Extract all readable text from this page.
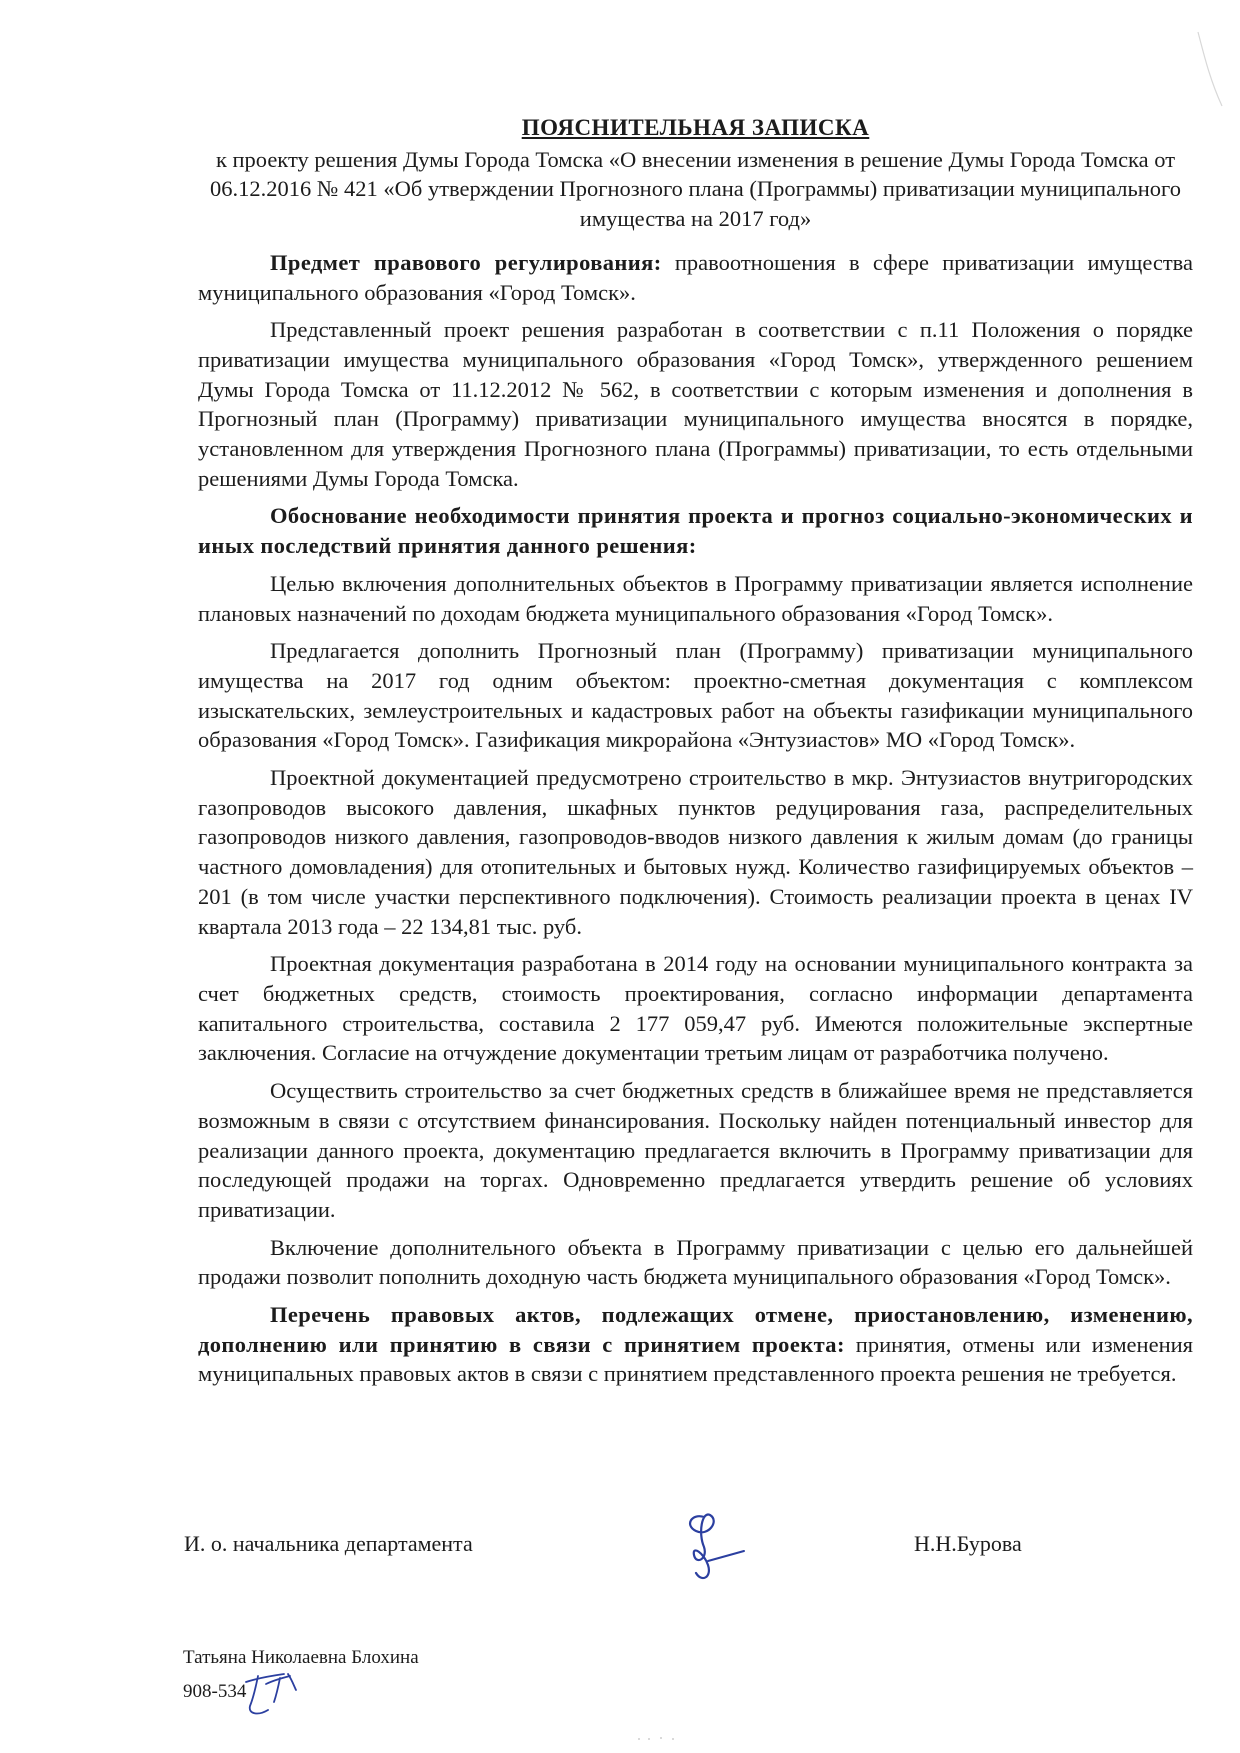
ПОЯСНИТЕЛЬНАЯ ЗАПИСКА

к проекту решения Думы Города Томска «О внесении изменения в решение Думы Города Томска от 06.12.2016 № 421 «Об утверждении Прогнозного плана (Программы) приватизации муниципального имущества на 2017 год»

Предмет правового регулирования: правоотношения в сфере приватизации имущества муниципального образования «Город Томск».

Представленный проект решения разработан в соответствии с п.11 Положения о порядке приватизации имущества муниципального образования «Город Томск», утвержденного решением Думы Города Томска от 11.12.2012 № 562, в соответствии с которым изменения и дополнения в Прогнозный план (Программу) приватизации муниципального имущества вносятся в порядке, установленном для утверждения Прогнозного плана (Программы) приватизации, то есть отдельными решениями Думы Города Томска.

Обоснование необходимости принятия проекта и прогноз социально-экономических и иных последствий принятия данного решения:

Целью включения дополнительных объектов в Программу приватизации является исполнение плановых назначений по доходам бюджета муниципального образования «Город Томск».

Предлагается дополнить Прогнозный план (Программу) приватизации муниципального имущества на 2017 год одним объектом: проектно-сметная документация с комплексом изыскательских, землеустроительных и кадастровых работ на объекты газификации муниципального образования «Город Томск». Газификация микрорайона «Энтузиастов» МО «Город Томск».

Проектной документацией предусмотрено строительство в мкр. Энтузиастов внутригородских газопроводов высокого давления, шкафных пунктов редуцирования газа, распределительных газопроводов низкого давления, газопроводов-вводов низкого давления к жилым домам (до границы частного домовладения) для отопительных и бытовых нужд. Количество газифицируемых объектов – 201 (в том числе участки перспективного подключения). Стоимость реализации проекта в ценах IV квартала 2013 года – 22 134,81 тыс. руб.

Проектная документация разработана в 2014 году на основании муниципального контракта за счет бюджетных средств, стоимость проектирования, согласно информации департамента капитального строительства, составила 2 177 059,47 руб. Имеются положительные экспертные заключения. Согласие на отчуждение документации третьим лицам от разработчика получено.

Осуществить строительство за счет бюджетных средств в ближайшее время не представляется возможным в связи с отсутствием финансирования. Поскольку найден потенциальный инвестор для реализации данного проекта, документацию предлагается включить в Программу приватизации для последующей продажи на торгах. Одновременно предлагается утвердить решение об условиях приватизации.

Включение дополнительного объекта в Программу приватизации с целью его дальнейшей продажи позволит пополнить доходную часть бюджета муниципального образования «Город Томск».

Перечень правовых актов, подлежащих отмене, приостановлению, изменению, дополнению или принятию в связи с принятием проекта: принятия, отмены или изменения муниципальных правовых актов в связи с принятием представленного проекта решения не требуется.

И. о. начальника департамента	Н.Н.Бурова
Татьяна Николаевна Блохина
908-534
